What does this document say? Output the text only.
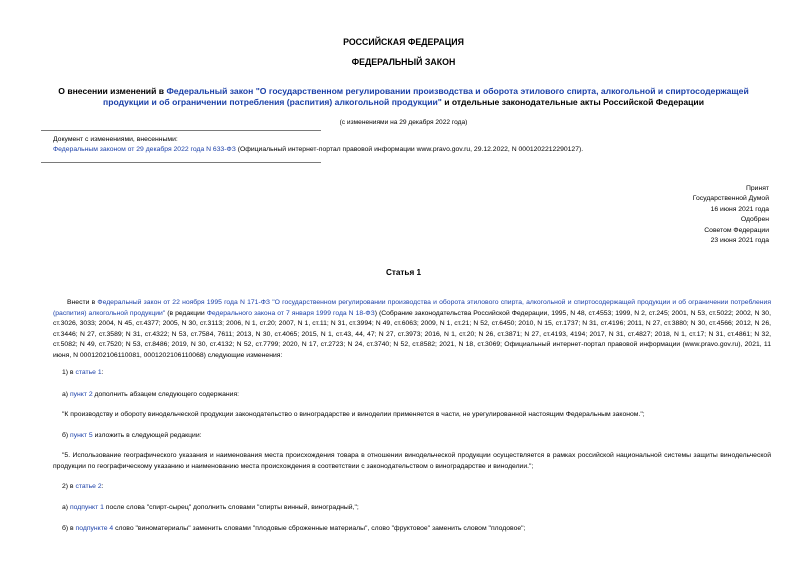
РОССИЙСКАЯ ФЕДЕРАЦИЯ
ФЕДЕРАЛЬНЫЙ ЗАКОН
О внесении изменений в Федеральный закон "О государственном регулировании производства и оборота этилового спирта, алкогольной и спиртосодержащей продукции и об ограничении потребления (распития) алкогольной продукции" и отдельные законодательные акты Российской Федерации
(с изменениями на 29 декабря 2022 года)
Документ с изменениями, внесенными:
Федеральным законом от 29 декабря 2022 года N 633-ФЗ (Официальный интернет-портал правовой информации www.pravo.gov.ru, 29.12.2022, N 0001202212290127).
Принят
Государственной Думой
16 июня 2021 года
Одобрен
Советом Федерации
23 июня 2021 года
Статья 1
Внести в Федеральный закон от 22 ноября 1995 года N 171-ФЗ "О государственном регулировании производства и оборота этилового спирта, алкогольной и спиртосодержащей продукции и об ограничении потребления (распития) алкогольной продукции" (в редакции Федерального закона от 7 января 1999 года N 18-ФЗ) (Собрание законодательства Российской Федерации, 1995, N 48, ст.4553; 1999, N 2, ст.245; 2001, N 53, ст.5022; 2002, N 30, ст.3026, 3033; 2004, N 45, ст.4377; 2005, N 30, ст.3113; 2006, N 1, ст.20; 2007, N 1, ст.11; N 31, ст.3994; N 49, ст.6063; 2009, N 1, ст.21; N 52, ст.6450; 2010, N 15, ст.1737; N 31, ст.4196; 2011, N 27, ст.3880; N 30, ст.4566; 2012, N 26, ст.3446; N 27, ст.3589; N 31, ст.4322; N 53, ст.7584, 7611; 2013, N 30, ст.4065; 2015, N 1, ст.43, 44, 47; N 27, ст.3973; 2016, N 1, ст.20; N 26, ст.3871; N 27, ст.4193, 4194; 2017, N 31, ст.4827; 2018, N 1, ст.17; N 31, ст.4861; N 32, ст.5082; N 49, ст.7520; N 53, ст.8486; 2019, N 30, ст.4132; N 52, ст.7799; 2020, N 17, ст.2723; N 24, ст.3740; N 52, ст.8582; 2021, N 18, ст.3069; Официальный интернет-портал правовой информации (www.pravo.gov.ru), 2021, 11 июня, N 0001202106110081, 0001202106110068) следующие изменения:
1) в статье 1:
а) пункт 2 дополнить абзацем следующего содержания:
"К производству и обороту винодельческой продукции законодательство о виноградарстве и виноделии применяется в части, не урегулированной настоящим Федеральным законом.";
б) пункт 5 изложить в следующей редакции:
"5. Использование географического указания и наименования места происхождения товара в отношении винодельческой продукции осуществляется в рамках российской национальной системы защиты винодельческой продукции по географическому указанию и наименованию места происхождения в соответствии с законодательством о виноградарстве и виноделии.";
2) в статье 2:
а) подпункт 1 после слова "спирт-сырец" дополнить словами "спирты винный, виноградный,";
б) в подпункте 4 слово "виноматериалы" заменить словами "плодовые сброженные материалы", слово "фруктовое" заменить словом "плодовое";
